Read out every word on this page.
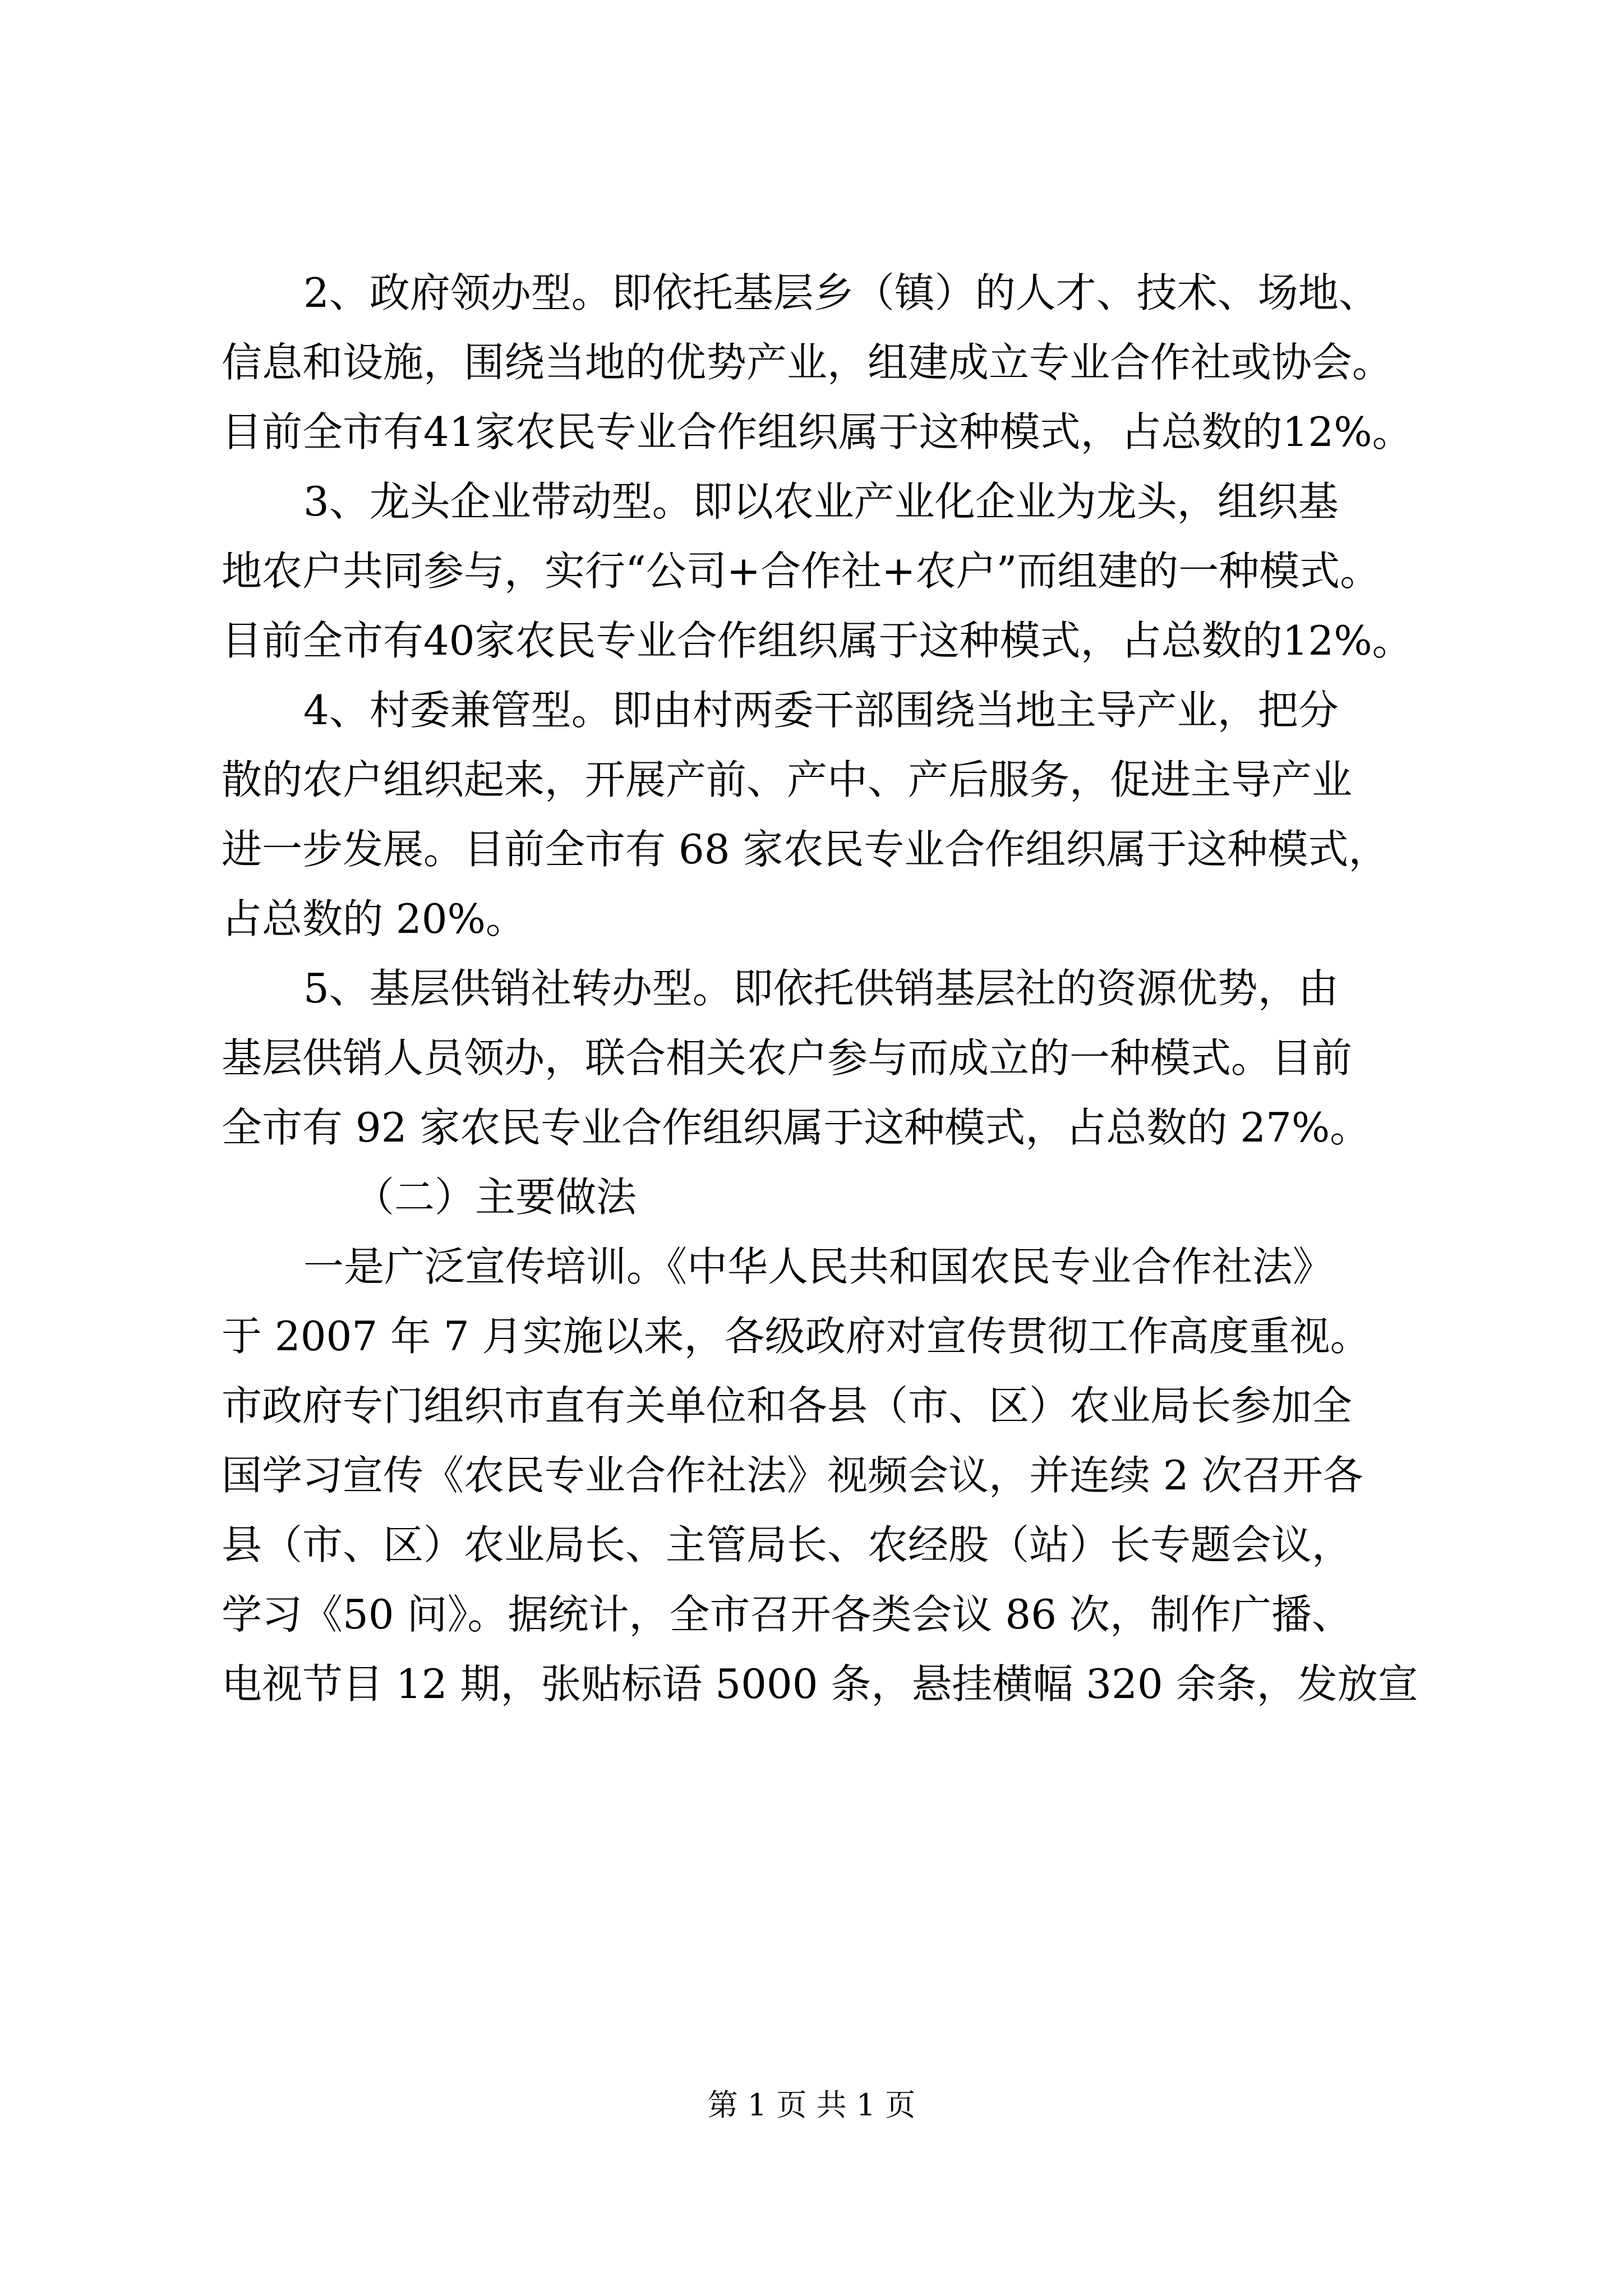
2、政府领办型。即依托基层乡（镇）的人才、技术、场地、
信息和设施，围绕当地的优势产业，组建成立专业合作社或协会。
目前全市有41家农民专业合作组织属于这种模式，占总数的12%。
3、龙头企业带动型。即以农业产业化企业为龙头，组织基
地农户共同参与，实行“公司+合作社+农户”而组建的一种模式。
目前全市有40家农民专业合作组织属于这种模式，占总数的12%。
4、村委兼管型。即由村两委干部围绕当地主导产业，把分
散的农户组织起来，开展产前、产中、产后服务，促进主导产业
进一步发展。目前全市有 68 家农民专业合作组织属于这种模式，
占总数的 20%。
5、基层供销社转办型。即依托供销基层社的资源优势，由
基层供销人员领办，联合相关农户参与而成立的一种模式。目前
全市有 92 家农民专业合作组织属于这种模式，占总数的 27%。
（二）主要做法
一是广泛宣传培训。《中华人民共和国农民专业合作社法》
于 2007 年 7 月实施以来，各级政府对宣传贯彻工作高度重视。
市政府专门组织市直有关单位和各县（市、区）农业局长参加全
国学习宣传《农民专业合作社法》视频会议，并连续 2 次召开各
县（市、区）农业局长、主管局长、农经股（站）长专题会议，
学习《50 问》。据统计，全市召开各类会议 86 次，制作广播、
电视节目 12 期，张贴标语 5000 条，悬挂横幅 320 余条，发放宣
第 1 页 共 1 页
